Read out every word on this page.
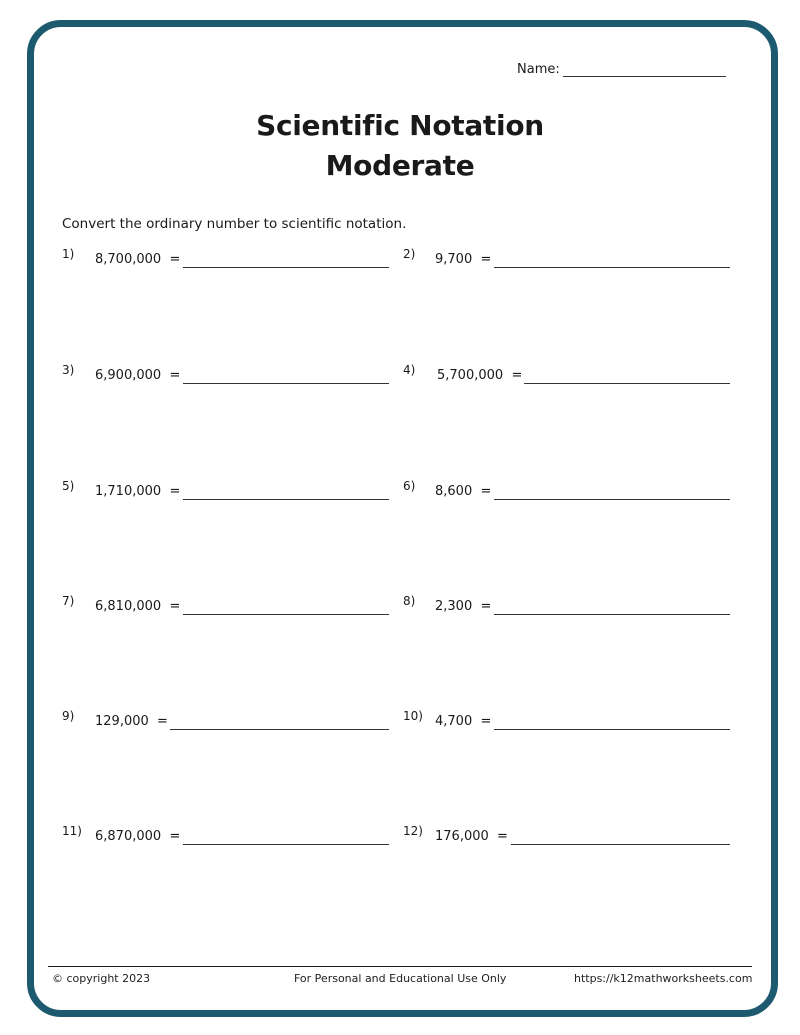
Name:
Scientific Notation
Moderate
Convert the ordinary number to scientific notation.
1) 8,700,000 =	2) 9,700 =
3) 6,900,000 =	4) 5,700,000 =
5) 1,710,000 =	6) 8,600 =
7) 6,810,000 =	8) 2,300 =
9) 129,000 =	10) 4,700 =
11) 6,870,000 =	12) 176,000 =
© copyright 2023	For Personal and Educational Use Only	https://k12mathworksheets.com
